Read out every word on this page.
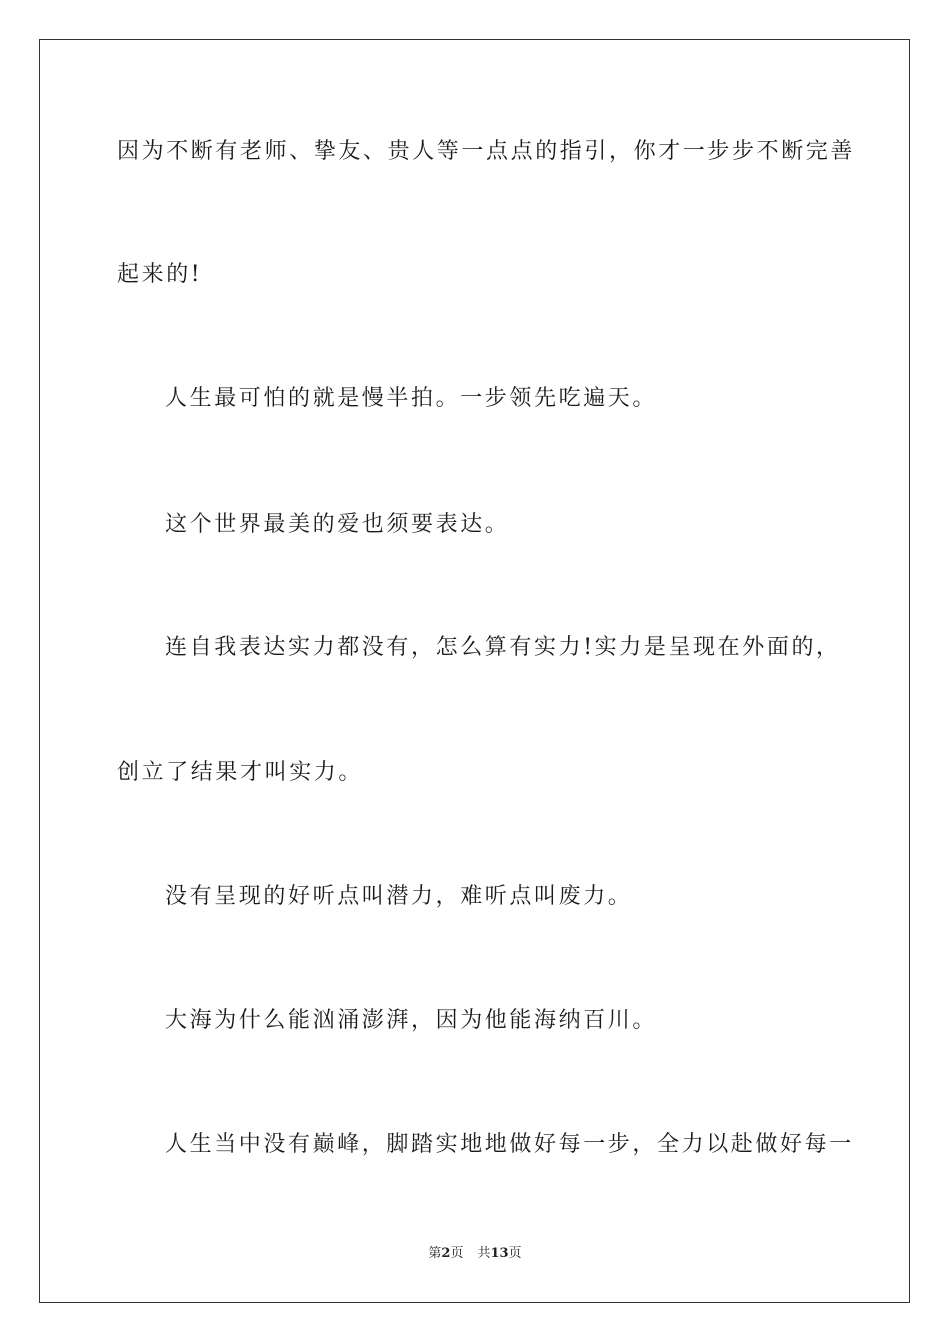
因为不断有老师、挚友、贵人等一点点的指引，你才一步步不断完善
起来的!
人生最可怕的就是慢半拍。一步领先吃遍天。
这个世界最美的爱也须要表达。
连自我表达实力都没有，怎么算有实力!实力是呈现在外面的，
创立了结果才叫实力。
没有呈现的好听点叫潜力，难听点叫废力。
大海为什么能汹涌澎湃，因为他能海纳百川。
人生当中没有巅峰，脚踏实地地做好每一步，全力以赴做好每一
第2页 共13页
